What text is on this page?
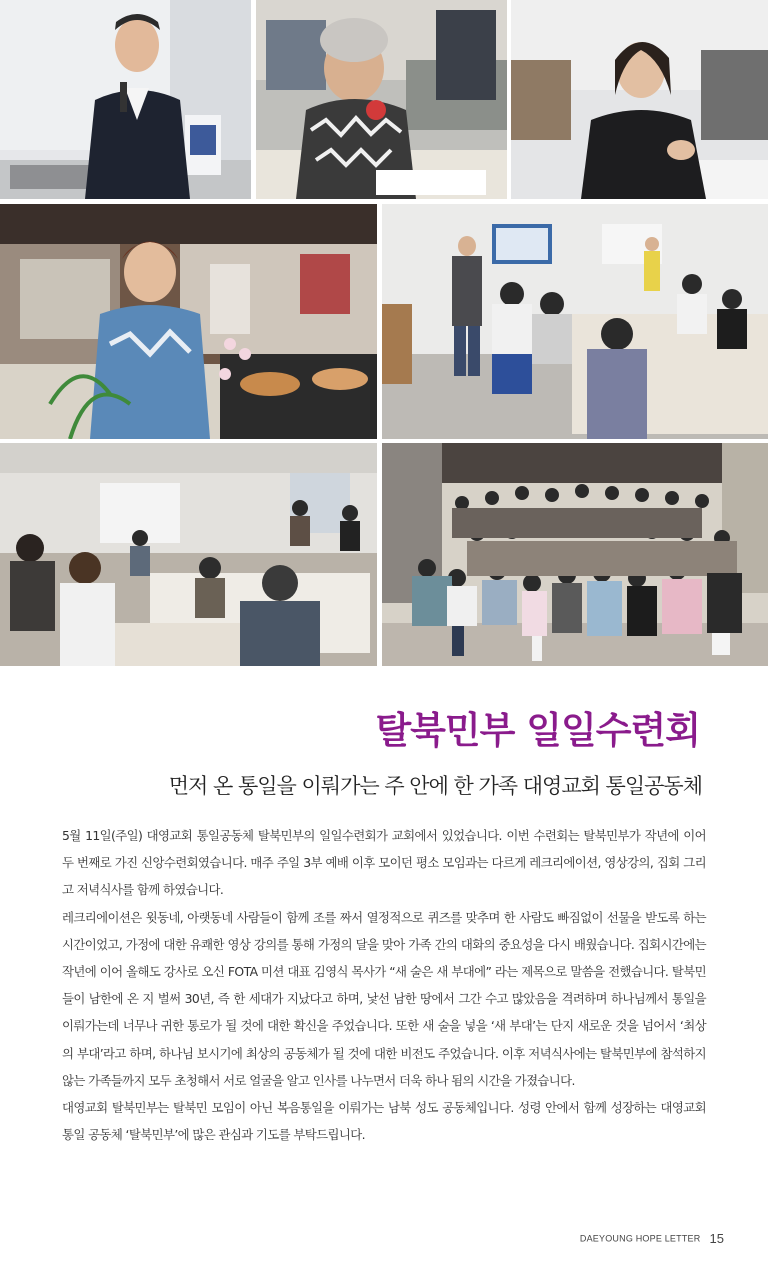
탈북민부 일일수련회
먼저 온 통일을 이뤄가는 주 안에 한 가족 대영교회 통일공동체

5월 11일(주일) 대영교회 통일공동체 탈북민부의 일일수련회가 교회에서 있었습니다. 이번 수련회는 탈북민부가 작년에 이어 두 번째로 가진 신앙수련회였습니다. 매주 주일 3부 예배 이후 모이던 평소 모임과는 다르게 레크리에이션, 영상강의, 집회 그리고 저녁식사를 함께 하였습니다.

레크리에이션은 윗동네, 아랫동네 사람들이 함께 조를 짜서 열정적으로 퀴즈를 맞추며 한 사람도 빠짐없이 선물을 받도록 하는 시간이었고, 가정에 대한 유쾌한 영상 강의를 통해 가정의 달을 맞아 가족 간의 대화의 중요성을 다시 배웠습니다. 집회시간에는 작년에 이어 올해도 강사로 오신 FOTA 미션 대표 김영식 목사가 “새 술은 새 부대에” 라는 제목으로 말씀을 전했습니다. 탈북민들이 남한에 온 지 벌써 30년, 즉 한 세대가 지났다고 하며, 낯선 남한 땅에서 그간 수고 많았음을 격려하며 하나님께서 통일을 이뤄가는데 너무나 귀한 통로가 될 것에 대한 확신을 주었습니다. 또한 새 술을 넣을 ‘새 부대’는 단지 새로운 것을 넘어서 ‘최상의 부대’라고 하며, 하나님 보시기에 최상의 공동체가 될 것에 대한 비전도 주었습니다. 이후 저녁식사에는 탈북민부에 참석하지 않는 가족들까지 모두 초청해서 서로 얼굴을 알고 인사를 나누면서 더욱 하나 됨의 시간을 가졌습니다.

대영교회 탈북민부는 탈북민 모임이 아닌 복음통일을 이뤄가는 남북 성도 공동체입니다. 성령 안에서 함께 성장하는 대영교회 통일 공동체 ‘탈북민부’에 많은 관심과 기도를 부탁드립니다.

DAEYOUNG HOPE LETTER 15
